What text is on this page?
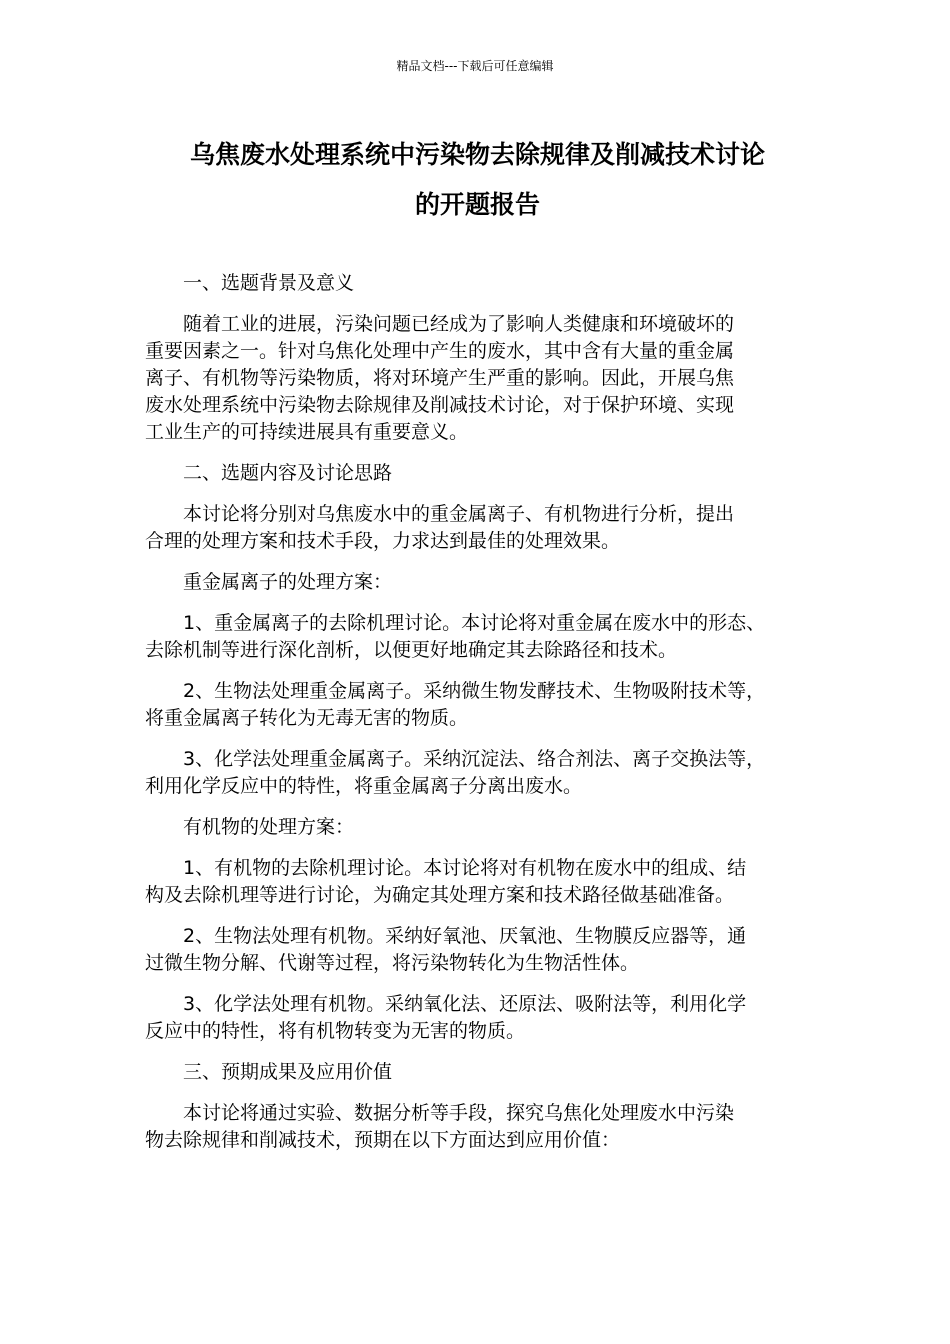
精品文档---下载后可任意编辑
乌焦废水处理系统中污染物去除规律及削减技术讨论
的开题报告
一、选题背景及意义
随着工业的进展，污染问题已经成为了影响人类健康和环境破坏的
重要因素之一。针对乌焦化处理中产生的废水，其中含有大量的重金属
离子、有机物等污染物质，将对环境产生严重的影响。因此，开展乌焦
废水处理系统中污染物去除规律及削减技术讨论，对于保护环境、实现
工业生产的可持续进展具有重要意义。
二、选题内容及讨论思路
本讨论将分别对乌焦废水中的重金属离子、有机物进行分析，提出
合理的处理方案和技术手段，力求达到最佳的处理效果。
重金属离子的处理方案：
1、重金属离子的去除机理讨论。本讨论将对重金属在废水中的形态、
去除机制等进行深化剖析，以便更好地确定其去除路径和技术。
2、生物法处理重金属离子。采纳微生物发酵技术、生物吸附技术等，
将重金属离子转化为无毒无害的物质。
3、化学法处理重金属离子。采纳沉淀法、络合剂法、离子交换法等，
利用化学反应中的特性，将重金属离子分离出废水。
有机物的处理方案：
1、有机物的去除机理讨论。本讨论将对有机物在废水中的组成、结
构及去除机理等进行讨论，为确定其处理方案和技术路径做基础准备。
2、生物法处理有机物。采纳好氧池、厌氧池、生物膜反应器等，通
过微生物分解、代谢等过程，将污染物转化为生物活性体。
3、化学法处理有机物。采纳氧化法、还原法、吸附法等，利用化学
反应中的特性，将有机物转变为无害的物质。
三、预期成果及应用价值
本讨论将通过实验、数据分析等手段，探究乌焦化处理废水中污染
物去除规律和削减技术，预期在以下方面达到应用价值：
